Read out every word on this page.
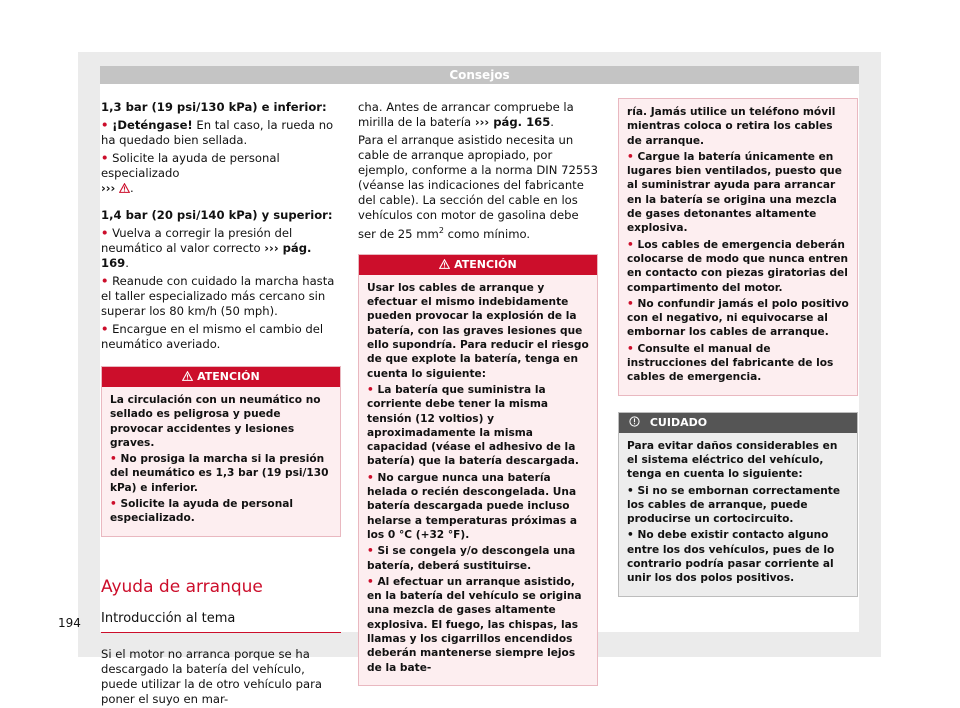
Consejos

1,3 bar (19 psi/130 kPa) e inferior:

• ¡Deténgase! En tal caso, la rueda no ha quedado bien sellada.

• Solicite la ayuda de personal especializado
››› .

1,4 bar (20 psi/140 kPa) y superior:

• Vuelva a corregir la presión del neumático al valor correcto ››› pág. 169.

• Reanude con cuidado la marcha hasta el taller especializado más cercano sin superar los 80 km/h (50 mph).

• Encargue en el mismo el cambio del neumático averiado.

ATENCIÓN

La circulación con un neumático no sellado es peligrosa y puede provocar accidentes y lesiones graves.

• No prosiga la marcha si la presión del neumático es 1,3 bar (19 psi/130 kPa) e inferior.

• Solicite la ayuda de personal especializado.

Ayuda de arranque
Introducción al tema

Si el motor no arranca porque se ha descargado la batería del vehículo, puede utilizar la de otro vehículo para poner el suyo en mar-

cha. Antes de arrancar compruebe la mirilla de la batería ››› pág. 165.

Para el arranque asistido necesita un cable de arranque apropiado, por ejemplo, conforme a la norma DIN 72553 (véanse las indicaciones del fabricante del cable). La sección del cable en los vehículos con motor de gasolina debe ser de 25 $mm^2$ como mínimo.

ATENCIÓN

Usar los cables de arranque y efectuar el mismo indebidamente pueden provocar la explosión de la batería, con las graves lesiones que ello supondría. Para reducir el riesgo de que explote la batería, tenga en cuenta lo siguiente:

• La batería que suministra la corriente debe tener la misma tensión (12 voltios) y aproximadamente la misma capacidad (véase el adhesivo de la batería) que la batería descargada.

• No cargue nunca una batería helada o recién descongelada. Una batería descargada puede incluso helarse a temperaturas próximas a los 0 °C (+32 °F).

• Si se congela y/o descongela una batería, deberá sustituirse.

• Al efectuar un arranque asistido, en la batería del vehículo se origina una mezcla de gases altamente explosiva. El fuego, las chispas, las llamas y los cigarrillos encendidos deberán mantenerse siempre lejos de la bate-

ría. Jamás utilice un teléfono móvil mientras coloca o retira los cables de arranque.

• Cargue la batería únicamente en lugares bien ventilados, puesto que al suministrar ayuda para arrancar en la batería se origina una mezcla de gases detonantes altamente explosiva.

• Los cables de emergencia deberán colocarse de modo que nunca entren en contacto con piezas giratorias del compartimento del motor.

• No confundir jamás el polo positivo con el negativo, ni equivocarse al embornar los cables de arranque.

• Consulte el manual de instrucciones del fabricante de los cables de emergencia.

CUIDADO

Para evitar daños considerables en el sistema eléctrico del vehículo, tenga en cuenta lo siguiente:

• Si no se embornan correctamente los cables de arranque, puede producirse un cortocircuito.

• No debe existir contacto alguno entre los dos vehículos, pues de lo contrario podría pasar corriente al unir los dos polos positivos.

194
